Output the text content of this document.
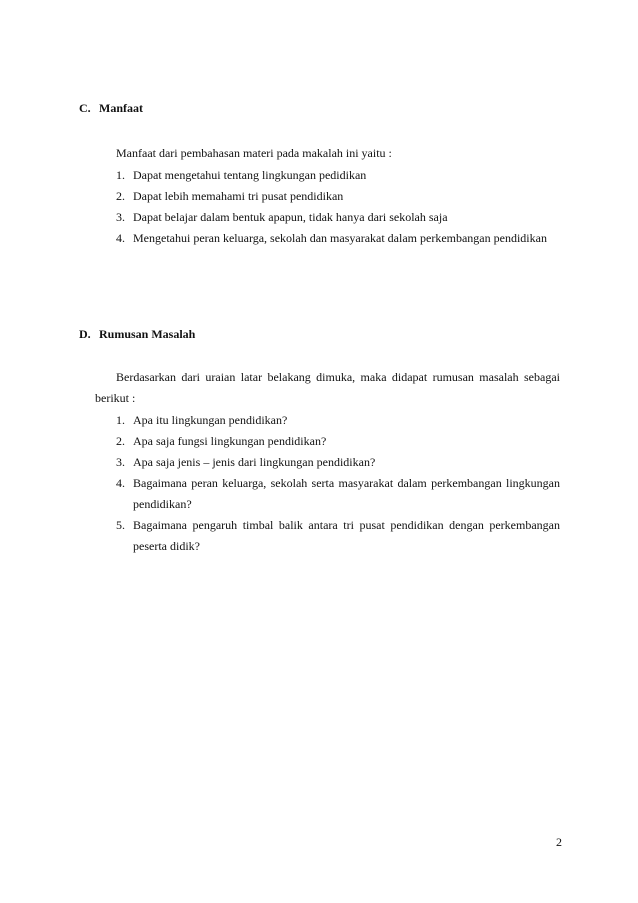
C. Manfaat
Manfaat dari pembahasan materi pada makalah ini yaitu :
1. Dapat mengetahui tentang lingkungan pedidikan
2. Dapat lebih memahami tri pusat pendidikan
3. Dapat belajar dalam bentuk apapun, tidak hanya dari sekolah saja
4. Mengetahui peran keluarga, sekolah dan masyarakat dalam perkembangan pendidikan
D. Rumusan Masalah
Berdasarkan dari uraian latar belakang dimuka, maka didapat rumusan masalah sebagai
berikut :
1. Apa itu lingkungan pendidikan?
2. Apa saja fungsi lingkungan pendidikan?
3. Apa saja jenis – jenis dari lingkungan pendidikan?
4. Bagaimana peran keluarga, sekolah serta masyarakat dalam perkembangan lingkungan pendidikan?
5. Bagaimana pengaruh timbal balik antara tri pusat pendidikan dengan perkembangan peserta didik?
2
